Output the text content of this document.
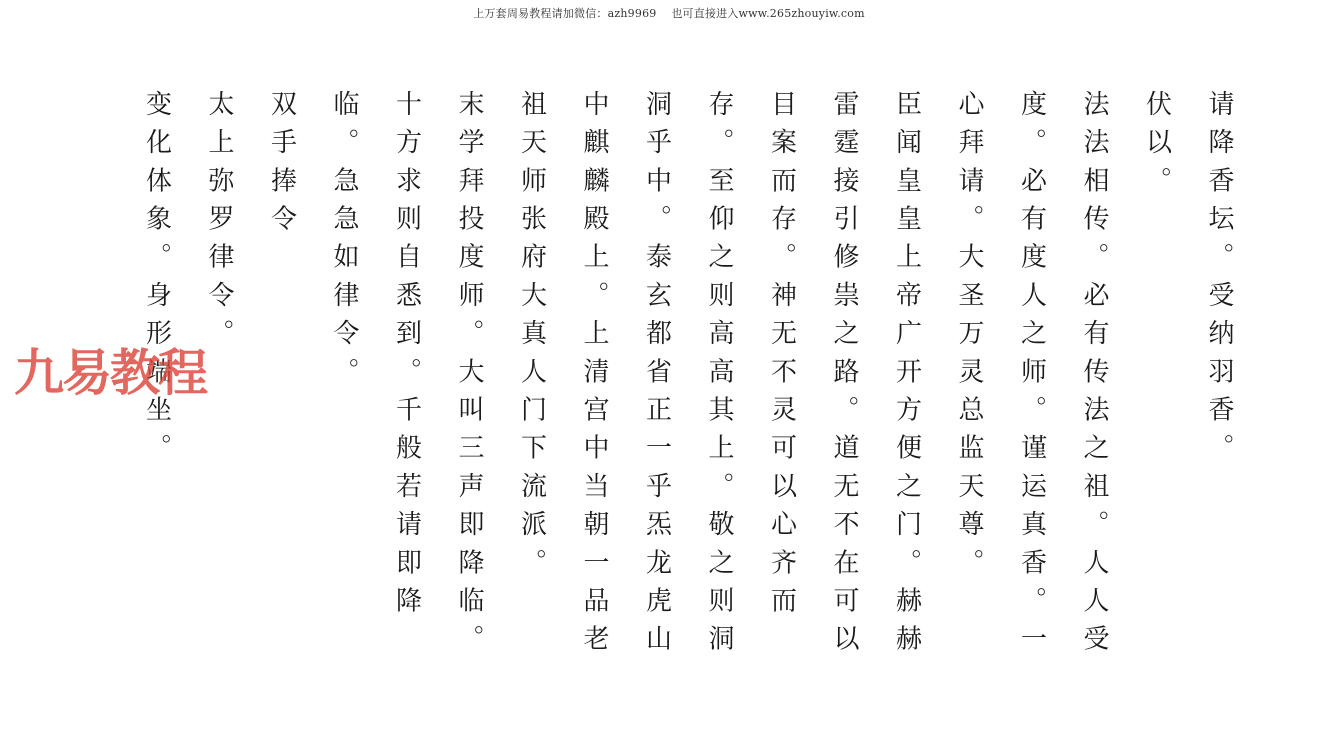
上万套周易教程请加微信：azh9969　 也可直接进入www.265zhouyiw.com
请降香坛。受纳羽香。
伏以。
法法相传。必有传法之祖。人人受
度。必有度人之师。谨运真香。一
心拜请。大圣万灵总监天尊。
臣闻皇皇上帝广开方便之门。赫赫
雷霆接引修祟之路。道无不在可以
目案而存。神无不灵可以心齐而
存。至仰之则高高其上。敬之则洞
洞乎中。泰玄都省正一乎炁龙虎山
中麒麟殿上。上清宫中当朝一品老
祖天师张府大真人门下流派。
末学拜投度师。大叫三声即降临。
十方求则自悉到。千般若请即降
临。急急如律令。
双手捧令
太上弥罗律令。
变化体象。身形端坐。
九易教程
